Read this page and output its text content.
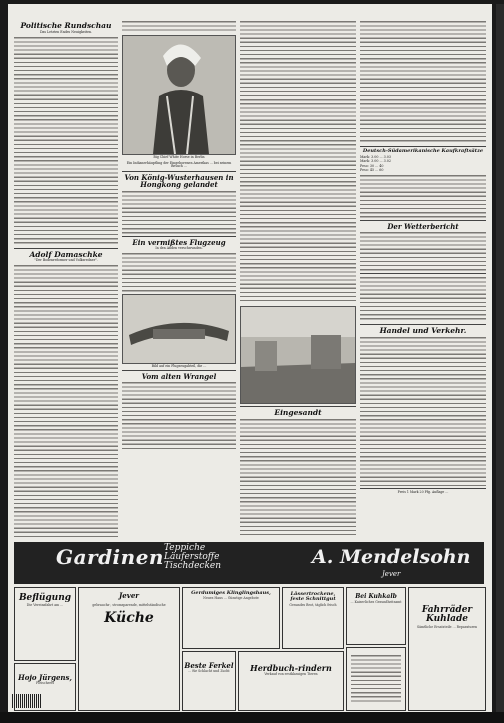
Politische Rundschau
Das Letzten Endes Neuigkeiten.
Adolf Damaschke
"Der Bodenreformer und Volksredner".
Big Chief White Horse in Berlin
Ein Indianerhäuptling der Eingeborenen Amerikas ... bei seinem Besuch ...
Von König-Wusterhausen in Hongkong gelandet
Ein vermißtes Flugzeug
In den Anden verschwunden.
Bild auf ein Flugzeugabteil, die ...
Vom alten Wrangel
Eingesandt
Deutsch-Südamerikanische Kaufkraftsätze
Mark: 3.00 ... 3.03
Mark: 3.00 ... 3.02
Peso: 30 ... 40
Peso: 45 ... 60
Der Wetterbericht
Handel und Verkehr.
Preis 1 Mark 20 Pfg. Auflage ...
Gardinen Teppiche
Läuferstoffe
Tischdecken	A. Mendelsohn
Jever
Beflügung
Die Vereinsfahrt am ...
Hojo Jürgens,
Fleischerei
Jever
gebrauchs-, stromsparende, mittelständische
Küche
Gerdumiges Klinglingshaus,
Neues Haus ... Günstige Angebote
Beste Ferkel
... für Schlacht und Zucht
Lässertrockene, feste Schnittgut
Gesundes Brot, täglich frisch
Herdbuch-rindern
Verkauf von erstklassigen Tieren
Bei Kuhkalb
... Kaiserliches Gesundheitsamt
Fahrräder Kuhlade
Sämtliche Ersatzteile ... Reparaturen
